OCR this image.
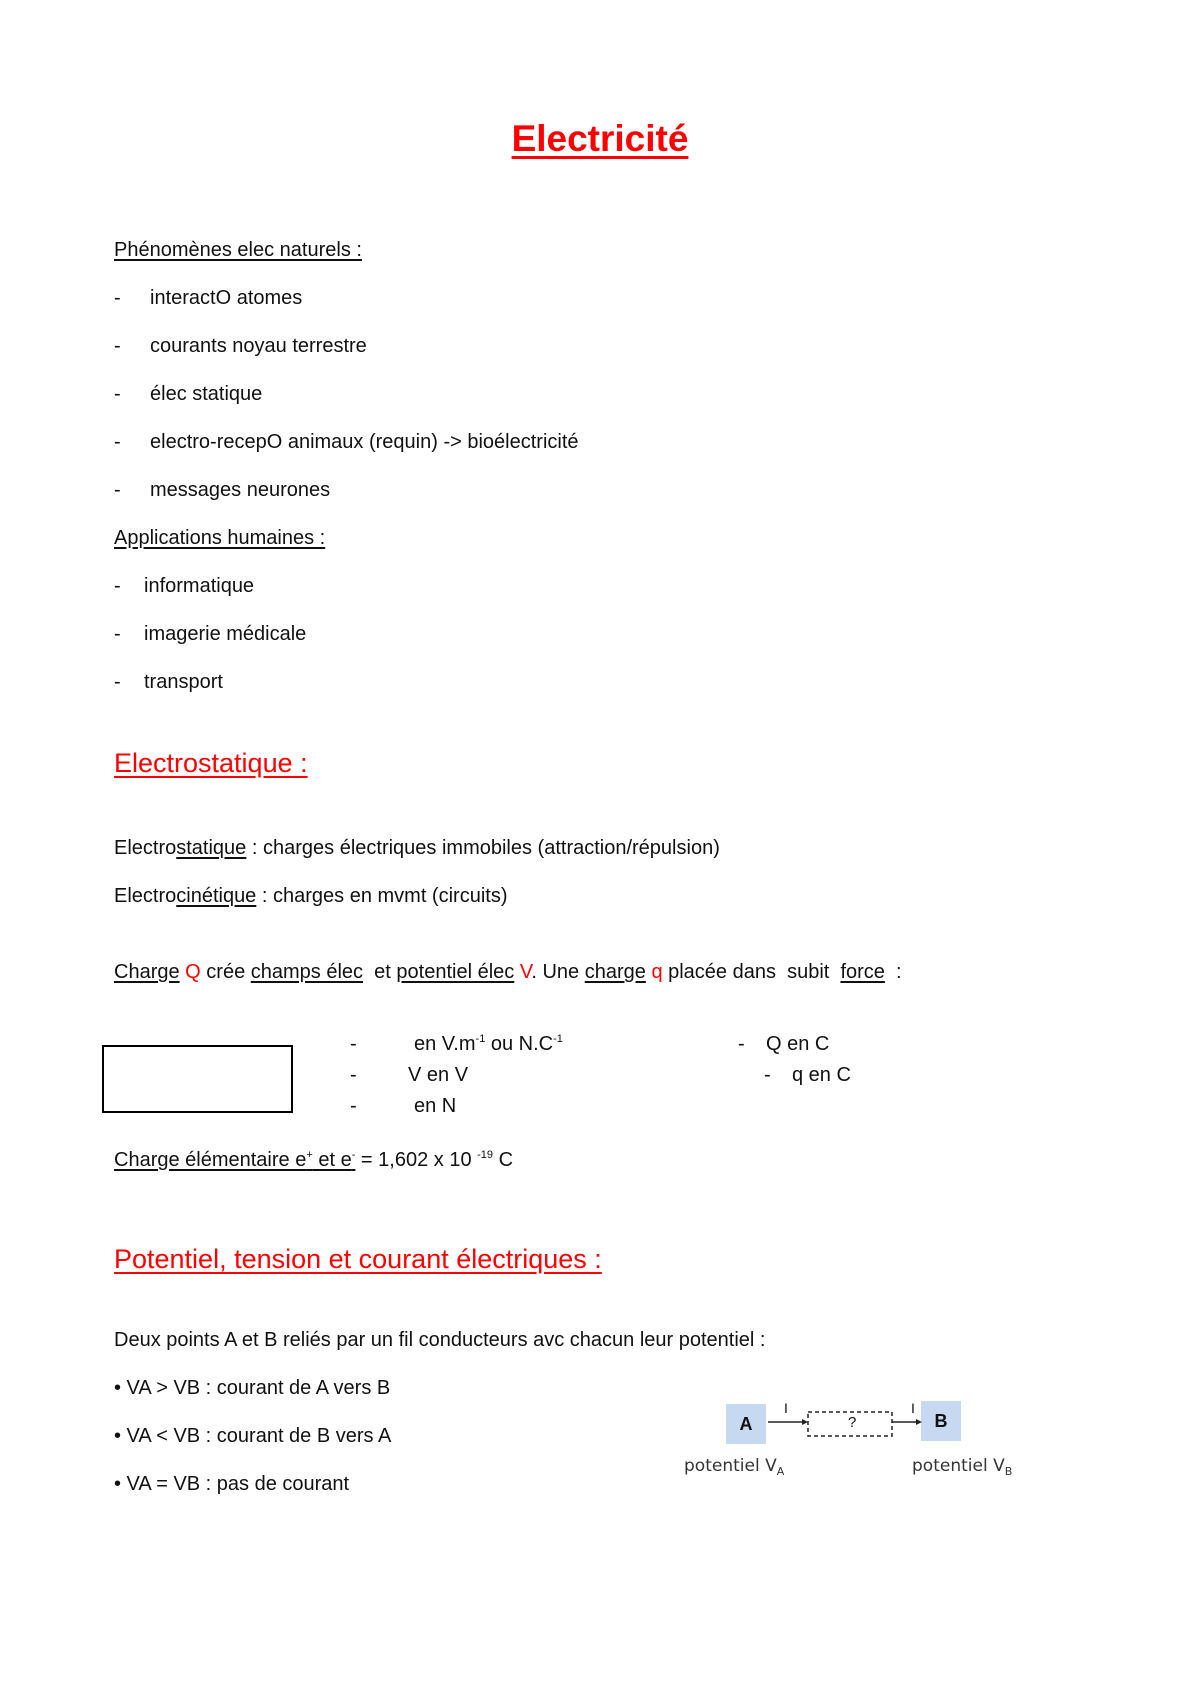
Electricité
Phénomènes elec naturels :
- interactO atomes
- courants noyau terrestre
- élec statique
- electro-recepO animaux (requin) -> bioélectricité
- messages neurones
Applications humaines :
- informatique
- imagerie médicale
- transport
Electrostatique :
Electrostatique : charges électriques immobiles (attraction/répulsion)
Electrocinétique : charges en mvmt (circuits)
Charge Q crée champs élec  et potentiel élec V. Une charge q placée dans  subit  force  :
-	en $V.m^{-1}$ ou $N.C^{-1}$
-	V en V
-	en N
- Q en C
- q en C
Charge élémentaire e+ et e- = 1,602 x 10 $^{-19}$ C
Potentiel, tension et courant électriques :
Deux points A et B reliés par un fil conducteurs avc chacun leur potentiel :
• VA > VB : courant de A vers B
• VA < VB : courant de B vers A
• VA = VB : pas de courant
A	B
I	I
?
potentiel $V_A$	potentiel $V_B$
